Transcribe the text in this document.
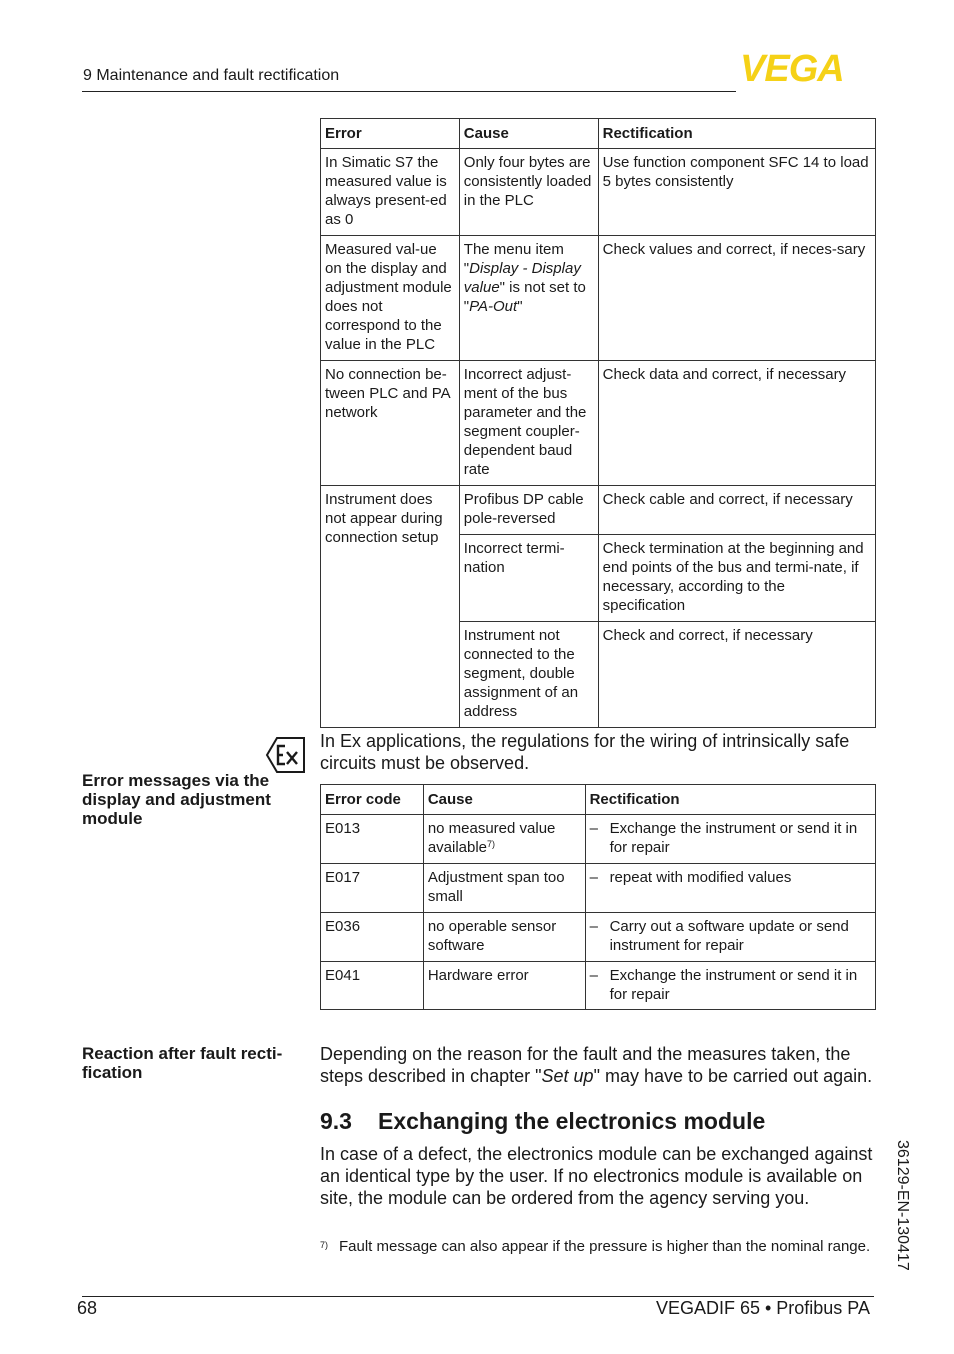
9 Maintenance and fault rectification	VEGA
Error	Cause	Rectification
In Simatic S7 the measured value is always present-ed as 0	Only four bytes are consistently loaded in the PLC	Use function component SFC 14 to load 5 bytes consistently
Measured val-ue on the display and adjustment module does not correspond to the value in the PLC	The menu item "Display - Display value" is not set to "PA-Out"	Check values and correct, if neces-sary
No connection be-tween PLC and PA network	Incorrect adjust-ment of the bus parameter and the segment coupler-dependent baud rate	Check data and correct, if necessary
Instrument does not appear during connection setup	Profibus DP cable pole-reversed	Check cable and correct, if necessary
	Incorrect termi-nation	Check termination at the beginning and end points of the bus and termi-nate, if necessary, according to the specification
	Instrument not connected to the segment, double assignment of an address	Check and correct, if necessary
In Ex applications, the regulations for the wiring of intrinsically safe circuits must be observed.
Error messages via the display and adjustment module
Error code	Cause	Rectification
E013	no measured value available$^{7)}$	– Exchange the instrument or send it in for repair

E017	Adjustment span too small	– repeat with modified values

E036	no operable sensor software	– Carry out a software update or send instrument for repair

E041	Hardware error	– Exchange the instrument or send it in for repair
Reaction after fault recti-fication
Depending on the reason for the fault and the measures taken, the steps described in chapter "Set up" may have to be carried out again.
9.3 Exchanging the electronics module
In case of a defect, the electronics module can be exchanged against an identical type by the user. If no electronics module is available on site, the module can be ordered from the agency serving you.
7) Fault message can also appear if the pressure is higher than the nominal range. 36129-EN-130417
68	VEGADIF 65 • Profibus PA
